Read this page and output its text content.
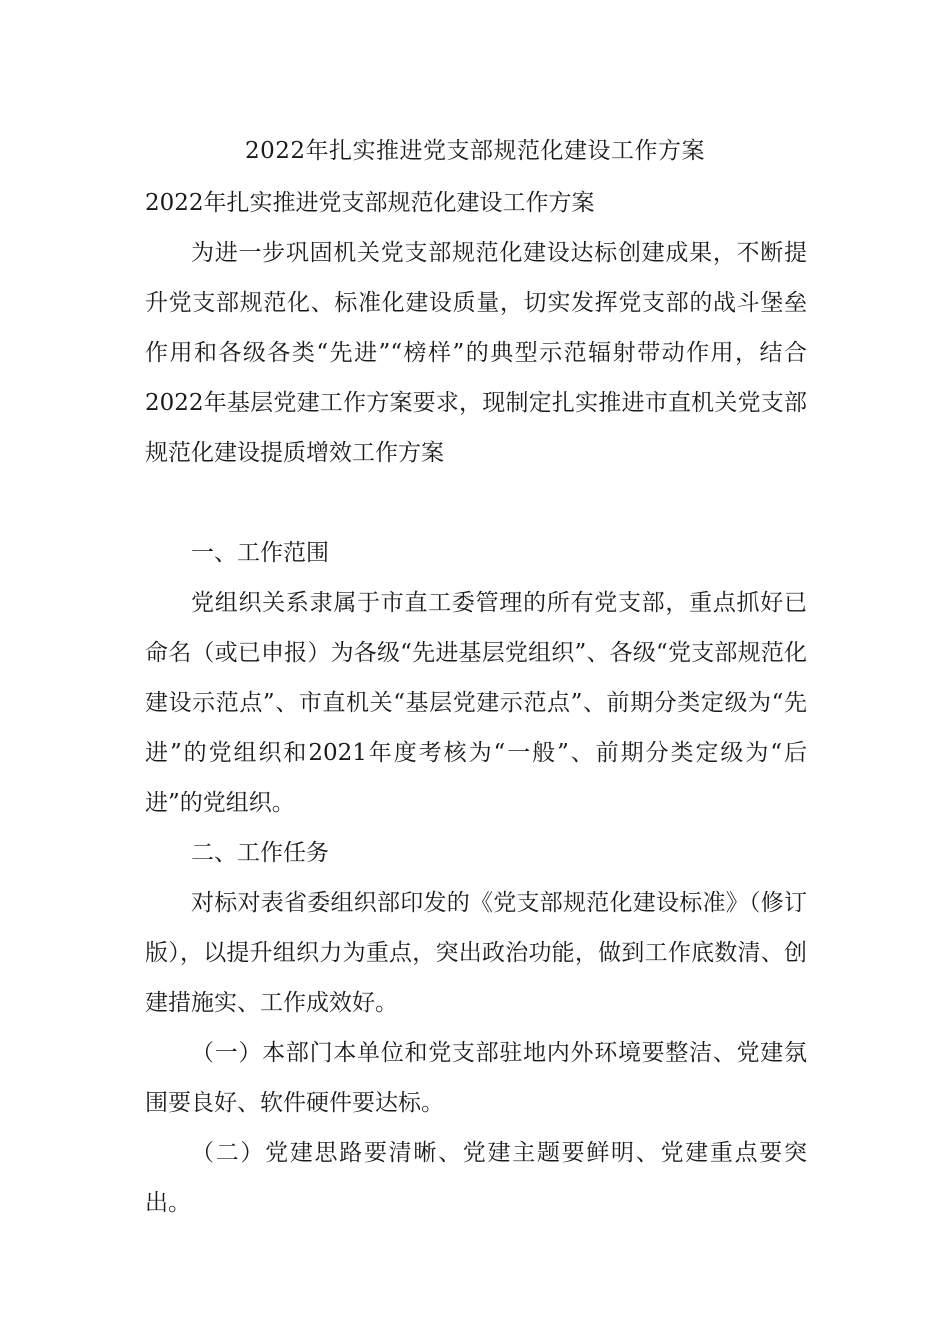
2022年扎实推进党支部规范化建设工作方案

2022年扎实推进党支部规范化建设工作方案

为进一步巩固机关党支部规范化建设达标创建成果，不断提升党支部规范化、标准化建设质量，切实发挥党支部的战斗堡垒作用和各级各类“先进”“榜样”的典型示范辐射带动作用，结合2022年基层党建工作方案要求，现制定扎实推进市直机关党支部规范化建设提质增效工作方案

一、工作范围

党组织关系隶属于市直工委管理的所有党支部，重点抓好已命名（或已申报）为各级“先进基层党组织”、各级“党支部规范化建设示范点”、市直机关“基层党建示范点”、前期分类定级为“先进”的党组织和2021年度考核为“一般”、前期分类定级为“后进”的党组织。

二、工作任务

对标对表省委组织部印发的《党支部规范化建设标准》（修订版），以提升组织力为重点，突出政治功能，做到工作底数清、创建措施实、工作成效好。

（一）本部门本单位和党支部驻地内外环境要整洁、党建氛围要良好、软件硬件要达标。

（二）党建思路要清晰、党建主题要鲜明、党建重点要突出。
